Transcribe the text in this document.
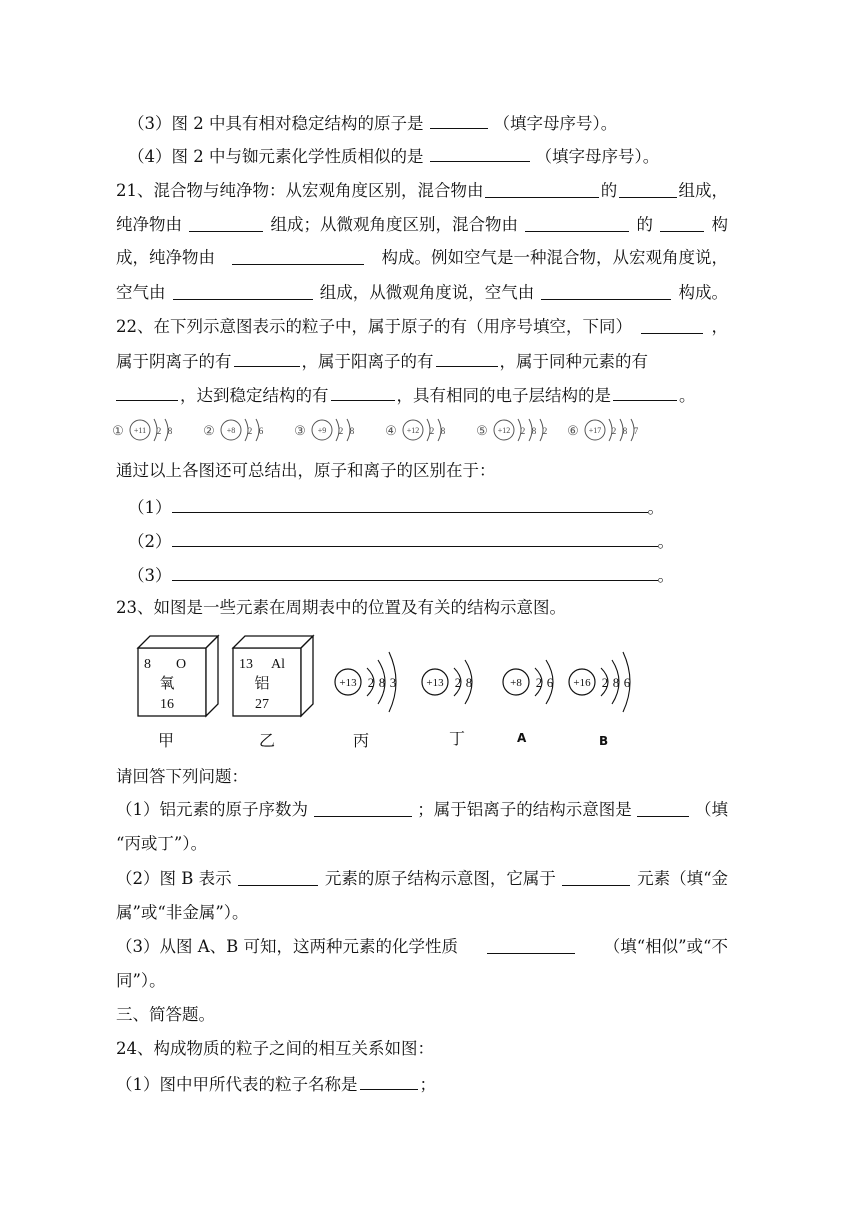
（3）图 2 中具有相对稳定结构的原子是	（填字母序号）。
（4）图 2 中与铷元素化学性质相似的是	（填字母序号）。
21、混合物与纯净物：从宏观角度区别，混合物由	的	组成，
纯净物由	组成；从微观角度区别，混合物由	的	构
成，纯净物由	构成。例如空气是一种混合物，从宏观角度说，
空气由	组成，从微观角度说，空气由	构成。
22、在下列示意图表示的粒子中，属于原子的有（用序号填空，下同）	，
属于阴离子的有	，属于阳离子的有	，属于同种元素的有
，达到稳定结构的有	，具有相同的电子层结构的是	。
① +11 2 8 ② +8 2 6 ③ +9 2 8 ④ +12 2 8 ⑤ +12 2 8 2 ⑥ +17 2 8 7
通过以上各图还可总结出，原子和离子的区别在于：
（1）	。
（2）	。
（3）	。
23、如图是一些元素在周期表中的位置及有关的结构示意图。
8 O
氧
16
13 Al
铝
27
+13 2 8 3	+13 2 8	+8 2 6 +16 2 8 6
甲	乙	丙	丁	A	B
请回答下列问题：
（1）铝元素的原子序数为	；属于铝离子的结构示意图是	（填
“丙或丁”）。
（2）图 B 表示	元素的原子结构示意图，它属于	元素（填“金
属”或“非金属”）。
（3）从图 A、B 可知，这两种元素的化学性质	（填“相似”或“不
同”）。
三、简答题。
24、构成物质的粒子之间的相互关系如图：
（1）图中甲所代表的粒子名称是	；
